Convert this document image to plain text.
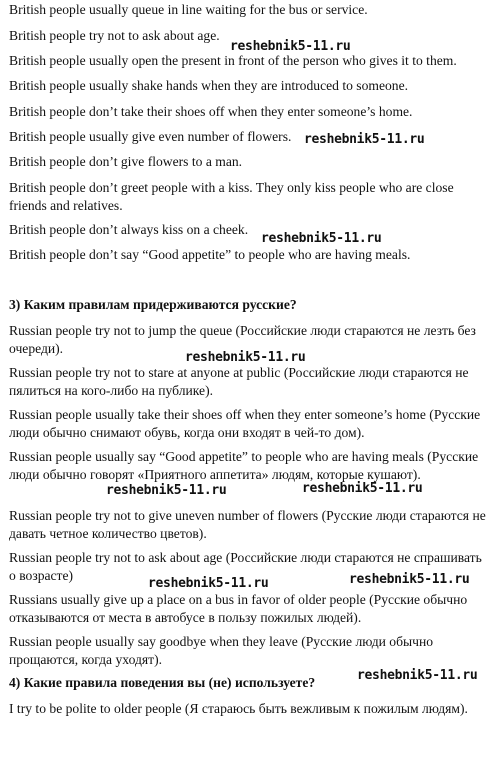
British people usually queue in line waiting for the bus or service.

British people try not to ask about age.

British people usually open the present in front of the person who gives it to them.

British people usually shake hands when they are introduced to someone.

British people don’t take their shoes off when they enter someone’s home.

British people usually give even number of flowers.

British people don’t give flowers to a man.

British people don’t greet people with a kiss. They only kiss people who are close friends and relatives.

British people don’t always kiss on a cheek.

British people don’t say “Good appetite” to people who are having meals.

3) Каким правилам придерживаются русские?

Russian people try not to jump the queue (Российские люди стараются не лезть без очереди).

Russian people try not to stare at anyone at public (Российские люди стараются не пялиться на кого-либо на публике).

Russian people usually take their shoes off when they enter someone’s home (Русские люди обычно снимают обувь, когда они входят в чей-то дом).

Russian people usually say “Good appetite” to people who are having meals (Русские люди обычно говорят «Приятного аппетита» людям, которые кушают).

Russian people try not to give uneven number of flowers (Русские люди стараются не давать четное количество цветов).

Russian people try not to ask about age (Российские люди стараются не спрашивать о возрасте)

Russians usually give up a place on a bus in favor of older people (Русские обычно отказываются от места в автобусе в пользу пожилых людей).

Russian people usually say goodbye when they leave (Русские люди обычно прощаются, когда уходят).

4) Какие правила поведения вы (не) используете?

I try to be polite to older people (Я стараюсь быть вежливым к пожилым людям).

reshebnik5-11.ru
reshebnik5-11.ru
reshebnik5-11.ru
reshebnik5-11.ru
reshebnik5-11.ru	reshebnik5-11.ru
reshebnik5-11.ru	reshebnik5-11.ru
reshebnik5-11.ru
